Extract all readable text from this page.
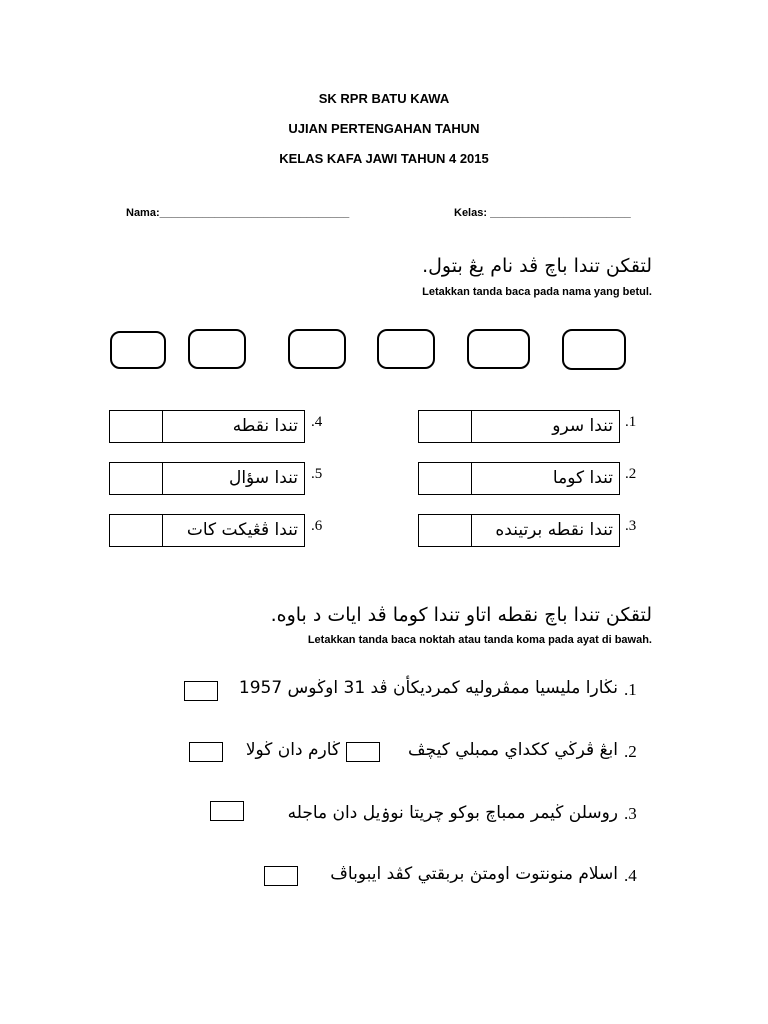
SK RPR BATU KAWA
UJIAN PERTENGAHAN TAHUN
KELAS KAFA JAWI TAHUN 4 2015
Nama:_______________________________	Kelas: _______________________
لتقكن تندا باچ ڤد نام يڠ بتول.
Letakkan tanda baca pada nama yang betul.
تندا سرو .1
تندا كوما .2
تندا نقطه برتينده .3
تندا نقطه .4
تندا سؤال .5
تندا ڤڠيكت كات .6
لتقكن تندا باچ نقطه اتاو تندا كوما ڤد ايات د باوه.
Letakkan tanda baca noktah atau tanda koma pada ayat di bawah.
نڬارا مليسيا ممڤروليه كمرديكأن ڤد 31 اوڬوس 1957 .1
ڬارم دان ڬولا	ابڠ ڤرڬي ككداي ممبلي كيچڤ .2
روسلن ڬيمر ممباچ بوكو چريتا نوۏيل دان ماجله .3
اسلام منونتوت اومتڽ بربقتي كڤد ايبوباڤ .4
